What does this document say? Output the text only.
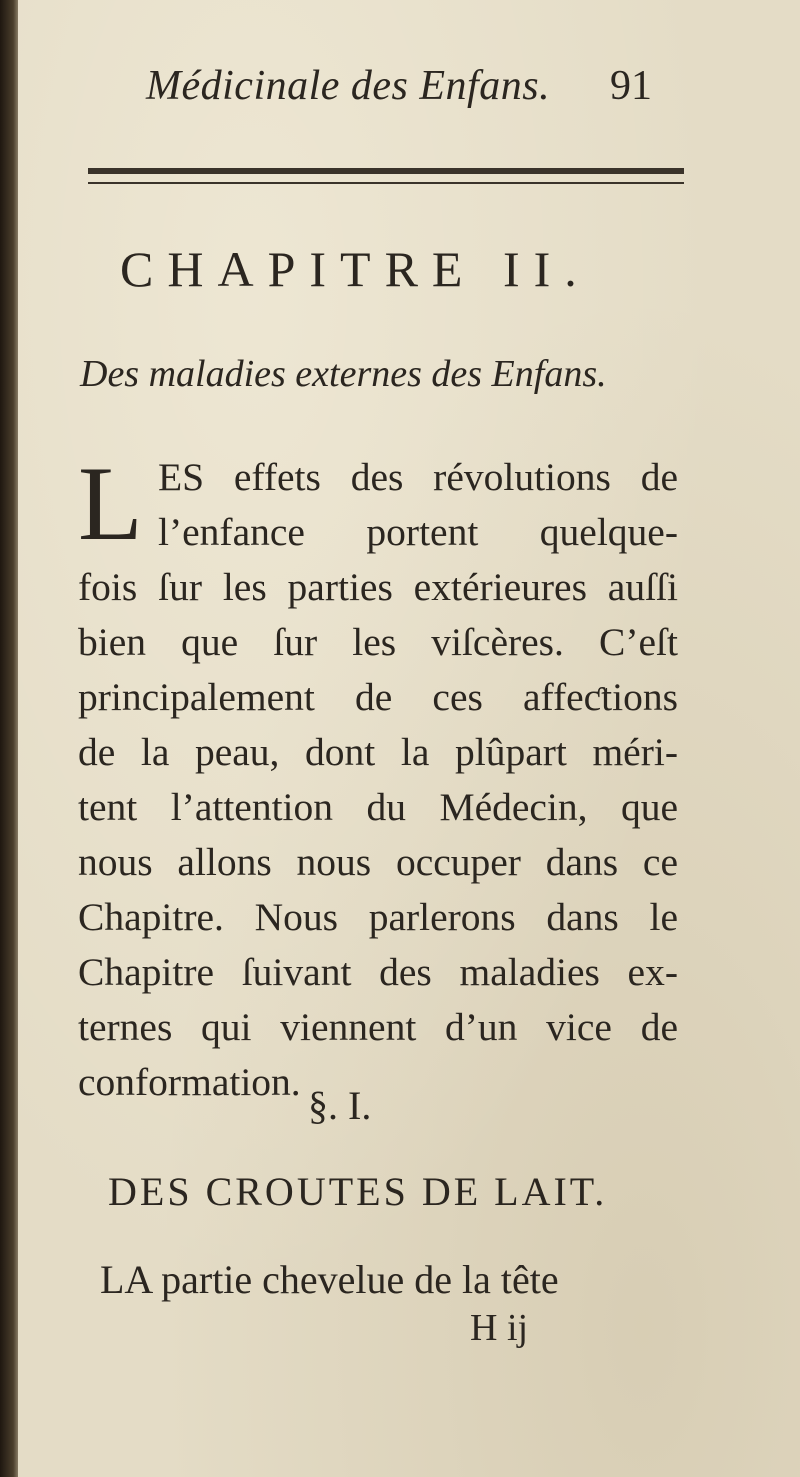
Médicinale des Enfans. 91
CHAPITRE II.
Des maladies externes des Enfans.
L ES effets des révolutions de
l’enfance portent quelque-
fois ſur les parties extérieures auſſi
bien que ſur les viſcères. C’eſt
principalement de ces affeƈtions
de la peau, dont la plûpart méri-
tent l’attention du Médecin, que
nous allons nous occuper dans ce
Chapitre. Nous parlerons dans le
Chapitre ſuivant des maladies ex-
ternes qui viennent d’un vice de
conformation.
§. I.
DES CROUTES DE LAIT.
LA partie chevelue de la tête
H ij
